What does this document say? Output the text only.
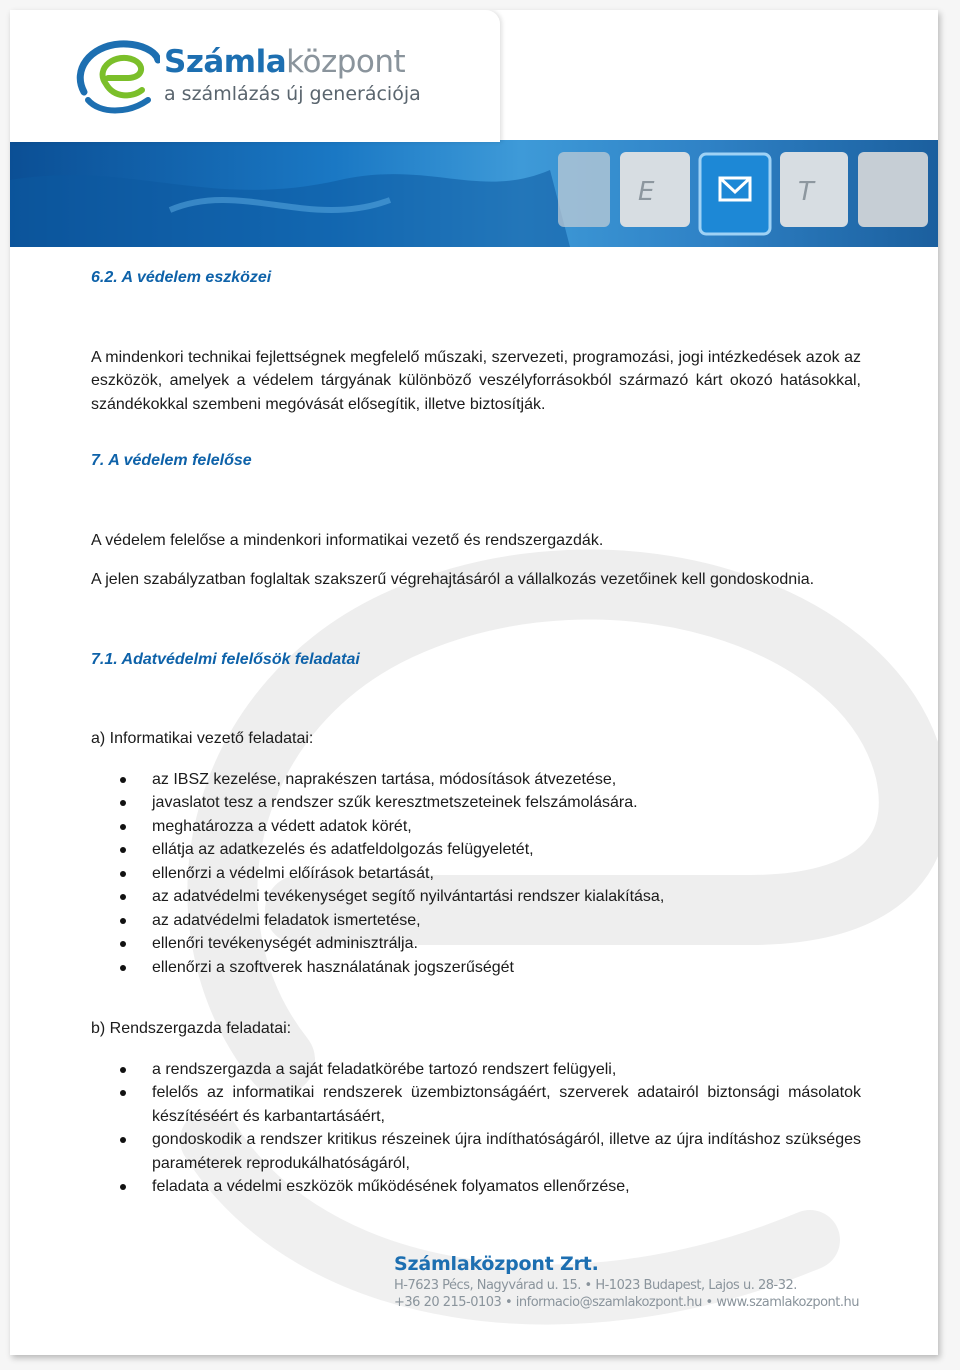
Számlaközpont
a számlázás új generációja
E	T
6.2. A védelem eszközei

A mindenkori technikai fejlettségnek megfelelő műszaki, szervezeti, programozási, jogi intézkedések azok az eszközök, amelyek a védelem tárgyának különböző veszélyforrásokból származó kárt okozó hatásokkal, szándékokkal szembeni megóvását elősegítik, illetve biztosítják.

7. A védelem felelőse

A védelem felelőse a mindenkori informatikai vezető és rendszergazdák.

A jelen szabályzatban foglaltak szakszerű végrehajtásáról a vállalkozás vezetőinek kell gondoskodnia.

7.1. Adatvédelmi felelősök feladatai

a) Informatikai vezető feladatai:

az IBSZ kezelése, naprakészen tartása, módosítások átvezetése,
javaslatot tesz a rendszer szűk keresztmetszeteinek felszámolására.
meghatározza a védett adatok körét,
ellátja az adatkezelés és adatfeldolgozás felügyeletét,
ellenőrzi a védelmi előírások betartását,
az adatvédelmi tevékenységet segítő nyilvántartási rendszer kialakítása,
az adatvédelmi feladatok ismertetése,
ellenőri tevékenységét adminisztrálja.
ellenőrzi a szoftverek használatának jogszerűségét

b) Rendszergazda feladatai:

a rendszergazda a saját feladatkörébe tartozó rendszert felügyeli,
felelős az informatikai rendszerek üzembiztonságáért, szerverek adatairól biztonsági másolatok készítéséért és karbantartásáért,
gondoskodik a rendszer kritikus részeinek újra indíthatóságáról, illetve az újra indításhoz szükséges paraméterek reprodukálhatóságáról,
feladata a védelmi eszközök működésének folyamatos ellenőrzése,
Számlaközpont Zrt.
H-7623 Pécs, Nagyvárad u. 15. • H-1023 Budapest, Lajos u. 28-32.
+36 20 215-0103 • informacio@szamlakozpont.hu • www.szamlakozpont.hu
